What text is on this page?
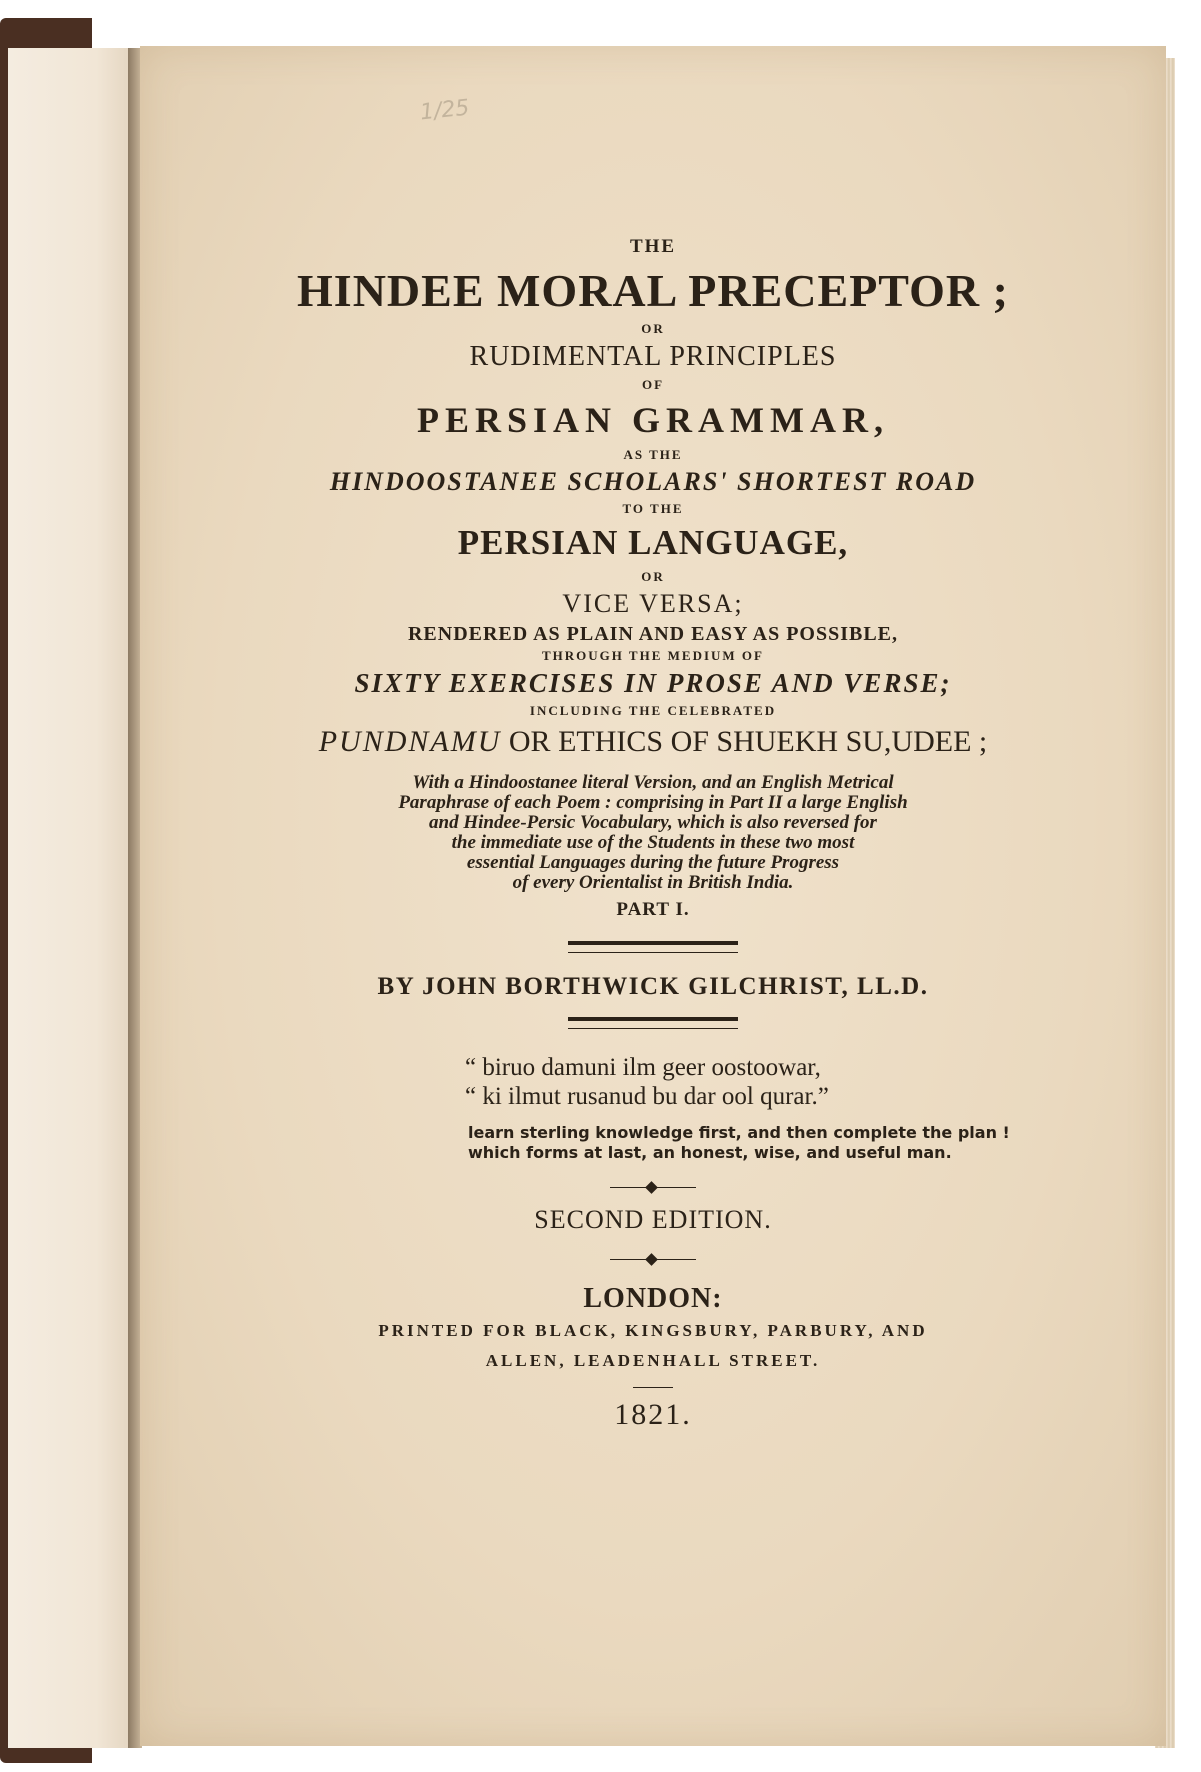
1/25
THE
HINDEE MORAL PRECEPTOR ;
OR
RUDIMENTAL PRINCIPLES
OF
PERSIAN GRAMMAR,
AS THE
HINDOOSTANEE SCHOLARS' SHORTEST ROAD
TO THE
PERSIAN LANGUAGE,
OR
VICE VERSA;
RENDERED AS PLAIN AND EASY AS POSSIBLE,
THROUGH THE MEDIUM OF
SIXTY EXERCISES IN PROSE AND VERSE;
INCLUDING THE CELEBRATED
PUNDNAMU OR ETHICS OF SHUEKH SU,UDEE ;
With a Hindoostanee literal Version, and an English Metrical
Paraphrase of each Poem : comprising in Part II a large English
and Hindee-Persic Vocabulary, which is also reversed for
the immediate use of the Students in these two most
essential Languages during the future Progress
of every Orientalist in British India.
PART I.
BY JOHN BORTHWICK GILCHRIST, LL.D.
“ biruo damuni ilm geer oostoowar,
“ ki ilmut rusanud bu dar ool qurar.”
learn sterling knowledge first, and then complete the plan !
which forms at last, an honest, wise, and useful man.
SECOND EDITION.
LONDON:
PRINTED FOR BLACK, KINGSBURY, PARBURY, AND
ALLEN, LEADENHALL STREET.
1821.
